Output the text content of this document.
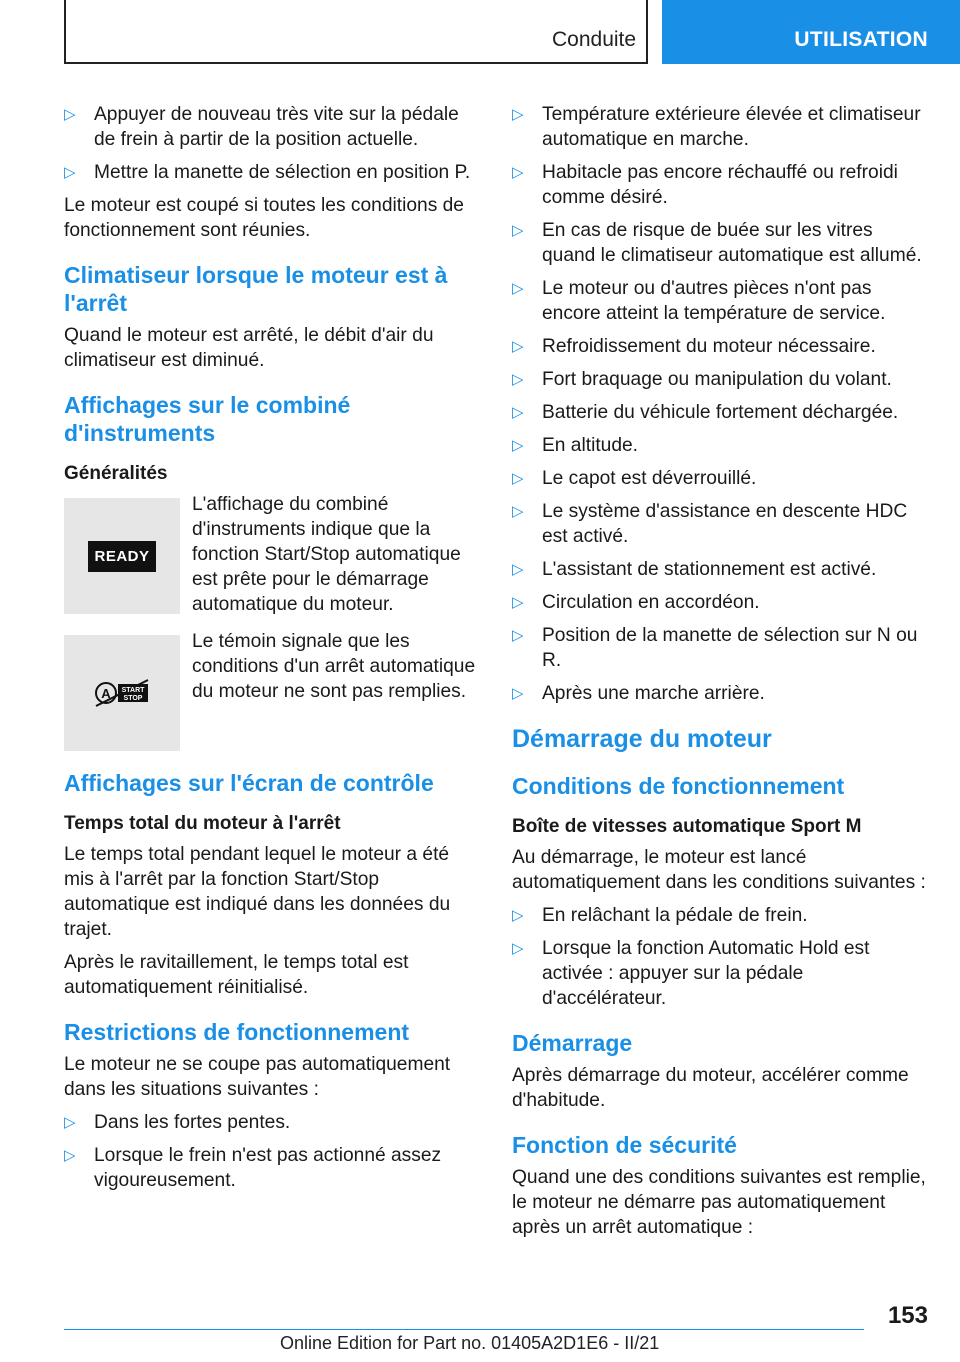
Conduite	UTILISATION
▷ Appuyer de nouveau très vite sur la pédale de frein à partir de la position actuelle.
▷ Mettre la manette de sélection en position P.

Le moteur est coupé si toutes les conditions de fonctionnement sont réunies.

Climatiseur lorsque le moteur est à l'arrêt

Quand le moteur est arrêté, le débit d'air du climatiseur est diminué.

Affichages sur le combiné d'instruments
Généralités
READY
L'affichage du combiné d'instruments indique que la fonction Start/Stop automatique est prête pour le démarrage automatique du moteur.
A START
STOP
Le témoin signale que les conditions d'un arrêt automatique du moteur ne sont pas remplies.
Affichages sur l'écran de contrôle
Temps total du moteur à l'arrêt

Le temps total pendant lequel le moteur a été mis à l'arrêt par la fonction Start/Stop automatique est indiqué dans les données du trajet.

Après le ravitaillement, le temps total est automatiquement réinitialisé.

Restrictions de fonctionnement

Le moteur ne se coupe pas automatiquement dans les situations suivantes :

▷ Dans les fortes pentes.
▷ Lorsque le frein n'est pas actionné assez vigoureusement.
▷ Température extérieure élevée et climatiseur automatique en marche.
▷ Habitacle pas encore réchauffé ou refroidi comme désiré.
▷ En cas de risque de buée sur les vitres quand le climatiseur automatique est allumé.
▷ Le moteur ou d'autres pièces n'ont pas encore atteint la température de service.
▷ Refroidissement du moteur nécessaire.
▷ Fort braquage ou manipulation du volant.
▷ Batterie du véhicule fortement déchargée.
▷ En altitude.
▷ Le capot est déverrouillé.
▷ Le système d'assistance en descente HDC est activé.
▷ L'assistant de stationnement est activé.
▷ Circulation en accordéon.
▷ Position de la manette de sélection sur N ou R.
▷ Après une marche arrière.
Démarrage du moteur
Conditions de fonctionnement
Boîte de vitesses automatique Sport M

Au démarrage, le moteur est lancé automatiquement dans les conditions suivantes :

▷ En relâchant la pédale de frein.
▷ Lorsque la fonction Automatic Hold est activée : appuyer sur la pédale d'accélérateur.
Démarrage

Après démarrage du moteur, accélérer comme d'habitude.

Fonction de sécurité

Quand une des conditions suivantes est remplie, le moteur ne démarre pas automatiquement après un arrêt automatique :

153
Online Edition for Part no. 01405A2D1E6 - II/21
